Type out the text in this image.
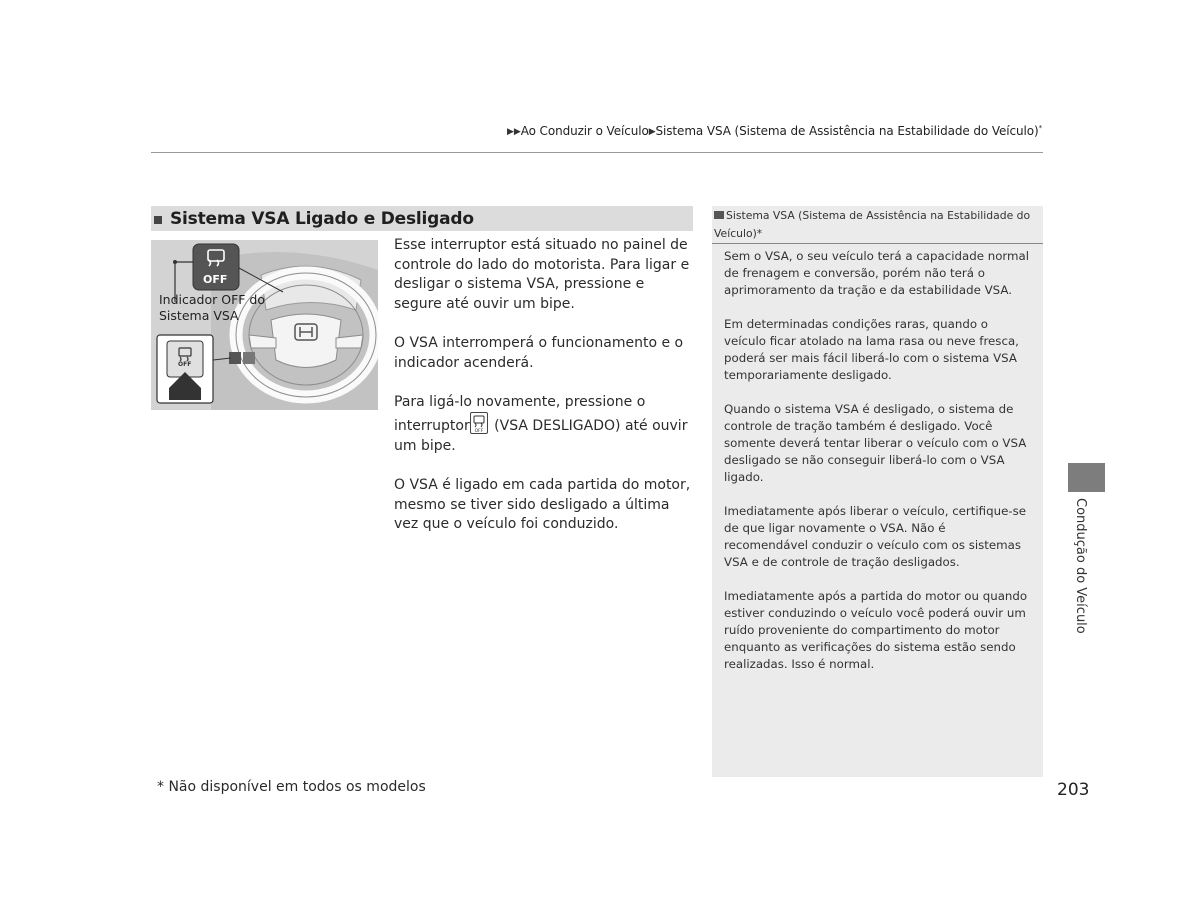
▶▶Ao Conduzir o Veículo▶Sistema VSA (Sistema de Assistência na Estabilidade do Veículo)*
Sistema VSA Ligado e Desligado
OFF
OFF
Indicador OFF do
Sistema VSA

Esse interruptor está situado no painel de controle do lado do motorista. Para ligar e desligar o sistema VSA, pressione e segure até ouvir um bipe.

O VSA interromperá o funcionamento e o indicador acenderá.

Para ligá-lo novamente, pressione o
interruptor OFF (VSA DESLIGADO) até ouvir um bipe.

O VSA é ligado em cada partida do motor, mesmo se tiver sido desligado a última vez que o veículo foi conduzido.

Sistema VSA (Sistema de Assistência na Estabilidade do Veículo)*

Sem o VSA, o seu veículo terá a capacidade normal de frenagem e conversão, porém não terá o aprimoramento da tração e da estabilidade VSA.

Em determinadas condições raras, quando o veículo ficar atolado na lama rasa ou neve fresca, poderá ser mais fácil liberá-lo com o sistema VSA temporariamente desligado.

Quando o sistema VSA é desligado, o sistema de controle de tração também é desligado. Você somente deverá tentar liberar o veículo com o VSA desligado se não conseguir liberá-lo com o VSA ligado.

Imediatamente após liberar o veículo, certifique-se de que ligar novamente o VSA. Não é recomendável conduzir o veículo com os sistemas VSA e de controle de tração desligados.

Imediatamente após a partida do motor ou quando estiver conduzindo o veículo você poderá ouvir um ruído proveniente do compartimento do motor enquanto as verificações do sistema estão sendo realizadas. Isso é normal.

Condução do Veículo
* Não disponível em todos os modelos	203
